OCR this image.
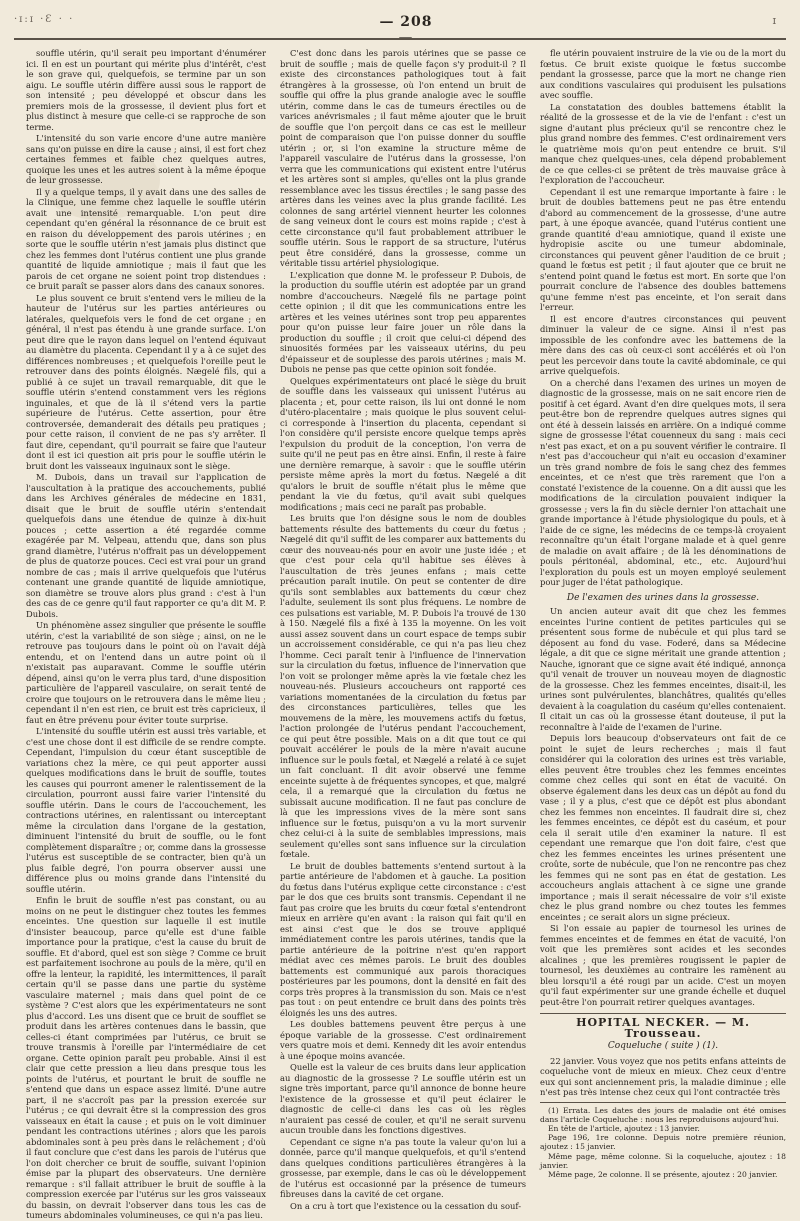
·ɪ:ɪ ·Ɛ · ·	— 208	ɪ

souffle utérin, qu'il serait peu important d'énumérer ici. Il en est un pourtant qui mérite plus d'intérêt, c'est le son grave qui, quelquefois, se termine par un son aigu. Le souffle utérin diffère aussi sous le rapport de son intensité ; peu développé et obscur dans les premiers mois de la grossesse, il devient plus fort et plus distinct à mesure que celle-ci se rapproche de son terme.

L'intensité du son varie encore d'une autre manière sans qu'on puisse en dire la cause ; ainsi, il est fort chez certaines femmes et faible chez quelques autres, quoique les unes et les autres soient à la même époque de leur grossesse.

Il y a quelque temps, il y avait dans une des salles de la Clinique, une femme chez laquelle le souffle utérin avait une intensité remarquable. L'on peut dire cependant qu'en général la résonnance de ce bruit est en raison du développement des parois utérines ; en sorte que le souffle utérin n'est jamais plus distinct que chez les femmes dont l'utérus contient une plus grande quantité de liquide amniotique ; mais il faut que les parois de cet organe ne soient point trop distendues : ce bruit paraît se passer alors dans des canaux sonores.

Le plus souvent ce bruit s'entend vers le milieu de la hauteur de l'utérus sur les parties antérieures ou latérales, quelquefois vers le fond de cet organe ; en général, il n'est pas étendu à une grande surface. L'on peut dire que le rayon dans lequel on l'entend équivaut au diamètre du placenta. Cependant il y a à ce sujet des différences nombreuses ; et quelquefois l'oreille peut le retrouver dans des points éloignés. Nægelé fils, qui a publié à ce sujet un travail remarquable, dit que le souffle utérin s'entend constamment vers les régions inguinales, et que de là il s'étend vers la partie supérieure de l'utérus. Cette assertion, pour être controversée, demanderait des détails peu pratiques ; pour cette raison, il convient de ne pas s'y arrêter. Il faut dire, cependant, qu'il pourrait se faire que l'auteur dont il est ici question ait pris pour le souffle utérin le bruit dont les vaisseaux inguinaux sont le siège.

M. Dubois, dans un travail sur l'application de l'auscultation à la pratique des accouchements, publié dans les Archives générales de médecine en 1831, disait que le bruit de souffle utérin s'entendait quelquefois dans une étendue de quinze à dix-huit pouces ; cette assertion a été regardée comme exagérée par M. Velpeau, attendu que, dans son plus grand diamètre, l'utérus n'offrait pas un développement de plus de quatorze pouces. Ceci est vrai pour un grand nombre de cas ; mais il arrive quelquefois que l'utérus contenant une grande quantité de liquide amniotique, son diamètre se trouve alors plus grand : c'est à l'un des cas de ce genre qu'il faut rapporter ce qu'a dit M. P. Dubois.

Un phénomène assez singulier que présente le souffle utérin, c'est la variabilité de son siège ; ainsi, on ne le retrouve pas toujours dans le point où on l'avait déjà entendu, et on l'entend dans un autre point où il n'existait pas auparavant. Comme le souffle utérin dépend, ainsi qu'on le verra plus tard, d'une disposition particulière de l'appareil vasculaire, on serait tenté de croire que toujours on le retrouvera dans le même lieu ; cependant il n'en est rien, ce bruit est très capricieux, il faut en être prévenu pour éviter toute surprise.

L'intensité du souffle utérin est aussi très variable, et c'est une chose dont il est difficile de se rendre compte. Cependant, l'impulsion du cœur étant susceptible de variations chez la mère, ce qui peut apporter aussi quelques modifications dans le bruit de souffle, toutes les causes qui pourront amener le ralentissement de la circulation, pourront aussi faire varier l'intensité du souffle utérin. Dans le cours de l'accouchement, les contractions utérines, en ralentissant ou interceptant même la circulation dans l'organe de la gestation, diminuent l'intensité du bruit de souffle, ou le font complètement disparaître ; or, comme dans la grossesse l'utérus est susceptible de se contracter, bien qu'à un plus faible degré, l'on pourra observer aussi une différence plus ou moins grande dans l'intensité du souffle utérin.

Enfin le bruit de souffle n'est pas constant, ou au moins on ne peut le distinguer chez toutes les femmes enceintes. Une question sur laquelle il est inutile d'insister beaucoup, parce qu'elle est d'une faible importance pour la pratique, c'est la cause du bruit de souffle. Et d'abord, quel est son siège ? Comme ce bruit est parfaitement isochrone au pouls de la mère, qu'il en offre la lenteur, la rapidité, les intermittences, il paraît certain qu'il se passe dans une partie du système vasculaire maternel ; mais dans quel point de ce système ? C'est alors que les expérimentateurs ne sont plus d'accord. Les uns disent que ce bruit de soufflet se produit dans les artères contenues dans le bassin, que celles-ci étant comprimées par l'utérus, ce bruit se trouve transmis à l'oreille par l'intermédiaire de cet organe. Cette opinion paraît peu probable. Ainsi il est clair que cette pression a lieu dans presque tous les points de l'utérus, et pourtant le bruit de souffle ne s'entend que dans un espace assez limité. D'une autre part, il ne s'accroît pas par la pression exercée sur l'utérus ; ce qui devrait être si la compression des gros vaisseaux en était la cause ; et puis on le voit diminuer pendant les contractions utérines ; alors que les parois abdominales sont à peu près dans le relâchement ; d'où il faut conclure que c'est dans les parois de l'utérus que l'on doit chercher ce bruit de souffle, suivant l'opinion émise par la plupart des observateurs. Une dernière remarque : s'il fallait attribuer le bruit de souffle à la compression exercée par l'utérus sur les gros vaisseaux du bassin, on devrait l'observer dans tous les cas de tumeurs abdominales volumineuses, ce qui n'a pas lieu.

C'est donc dans les parois utérines que se passe ce bruit de souffle ; mais de quelle façon s'y produit-il ? Il existe des circonstances pathologiques tout à fait étrangères à la grossesse, où l'on entend un bruit de souffle qui offre la plus grande analogie avec le souffle utérin, comme dans le cas de tumeurs érectiles ou de varices anévrismales ; il faut même ajouter que le bruit de souffle que l'on perçoit dans ce cas est le meilleur point de comparaison que l'on puisse donner du souffle utérin ; or, si l'on examine la structure même de l'appareil vasculaire de l'utérus dans la grossesse, l'on verra que les communications qui existent entre l'utérus et les artères sont si amples, qu'elles ont la plus grande ressemblance avec les tissus érectiles ; le sang passe des artères dans les veines avec la plus grande facilité. Les colonnes de sang artériel viennent heurter les colonnes de sang veineux dont le cours est moins rapide ; c'est à cette circonstance qu'il faut probablement attribuer le souffle utérin. Sous le rapport de sa structure, l'utérus peut être considéré, dans la grossesse, comme un véritable tissu artériel physiologique.

L'explication que donne M. le professeur P. Dubois, de la production du souffle utérin est adoptée par un grand nombre d'accoucheurs. Nægelé fils ne partage point cette opinion ; il dit que les communications entre les artères et les veines utérines sont trop peu apparentes pour qu'on puisse leur faire jouer un rôle dans la production du souffle ; il croit que celui-ci dépend des sinuosités formées par les vaisseaux utérins, du peu d'épaisseur et de souplesse des parois utérines ; mais M. Dubois ne pense pas que cette opinion soit fondée.

Quelques expérimentateurs ont placé le siège du bruit de souffle dans les vaisseaux qui unissent l'utérus au placenta ; et, pour cette raison, ils lui ont donné le nom d'utéro-placentaire ; mais quoique le plus souvent celui-ci corresponde à l'insertion du placenta, cependant si l'on considère qu'il persiste encore quelque temps après l'expulsion du produit de la conception, l'on verra de suite qu'il ne peut pas en être ainsi. Enfin, il reste à faire une dernière remarque, à savoir : que le souffle utérin persiste même après la mort du fœtus. Nægelé a dit qu'alors le bruit de souffle n'était plus le même que pendant la vie du fœtus, qu'il avait subi quelques modifications ; mais ceci ne paraît pas probable.

Les bruits que l'on désigne sous le nom de doubles battements résulte des battements du cœur du fœtus ; Nægelé dit qu'il suffit de les comparer aux battements du cœur des nouveau-nés pour en avoir une juste idée ; et que c'est pour cela qu'il habitue ses élèves à l'auscultation de très jeunes enfans ; mais cette précaution paraît inutile. On peut se contenter de dire qu'ils sont semblables aux battements du cœur chez l'adulte, seulement ils sont plus fréquens. Le nombre de ces pulsations est variable, M. P. Dubois l'a trouvé de 130 à 150. Nægelé fils a fixé à 135 la moyenne. On les voit aussi assez souvent dans un court espace de temps subir un accroissement considérable, ce qui n'a pas lieu chez l'homme. Ceci paraît tenir à l'influence de l'innervation sur la circulation du fœtus, influence de l'innervation que l'on voit se prolonger même après la vie fœtale chez les nouveau-nés. Plusieurs accoucheurs ont rapporté ces variations momentanées de la circulation du fœtus par des circonstances particulières, telles que les mouvemens de la mère, les mouvemens actifs du fœtus, l'action prolongée de l'utérus pendant l'accouchement, ce qui peut être possible. Mais on a dit que tout ce qui pouvait accélérer le pouls de la mère n'avait aucune influence sur le pouls fœtal, et Nægelé a relaté à ce sujet un fait concluant. Il dit avoir observé une femme enceinte sujette à de fréquentes syncopes, et que, malgré cela, il a remarqué que la circulation du fœtus ne subissait aucune modification. Il ne faut pas conclure de là que les impressions vives de la mère sont sans influence sur le fœtus, puisqu'on a vu la mort survenir chez celui-ci à la suite de semblables impressions, mais seulement qu'elles sont sans influence sur la circulation fœtale.

Le bruit de doubles battements s'entend surtout à la partie antérieure de l'abdomen et à gauche. La position du fœtus dans l'utérus explique cette circonstance : c'est par le dos que ces bruits sont transmis. Cependant il ne faut pas croire que les bruits du cœur fœtal s'entendront mieux en arrière qu'en avant : la raison qui fait qu'il en est ainsi c'est que le dos se trouve appliqué immédiatement contre les parois utérines, tandis que la partie antérieure de la poitrine n'est qu'en rapport médiat avec ces mêmes parois. Le bruit des doubles battements est communiqué aux parois thoraciques postérieures par les poumons, dont la densité en fait des corps très propres à la transmission du son. Mais ce n'est pas tout : on peut entendre ce bruit dans des points très éloignés les uns des autres.

Les doubles battemens peuvent être perçus à une époque variable de la grossesse. C'est ordinairement vers quatre mois et demi. Kennedy dit les avoir entendus à une époque moins avancée.

Quelle est la valeur de ces bruits dans leur application au diagnostic de la grossesse ? Le souffle utérin est un signe très important, parce qu'il annonce de bonne heure l'existence de la grossesse et qu'il peut éclairer le diagnostic de celle-ci dans les cas où les règles n'auraient pas cessé de couler, et qu'il ne serait survenu aucun trouble dans les fonctions digestives.

Cependant ce signe n'a pas toute la valeur qu'on lui a donnée, parce qu'il manque quelquefois, et qu'il s'entend dans quelques conditions particulières étrangères à la grossesse, par exemple, dans le cas où le développement de l'utérus est occasionné par la présence de tumeurs fibreuses dans la cavité de cet organe.

On a cru à tort que l'existence ou la cessation du souf-

fle utérin pouvaient instruire de la vie ou de la mort du fœtus. Ce bruit existe quoique le fœtus succombe pendant la grossesse, parce que la mort ne change rien aux conditions vasculaires qui produisent les pulsations avec souffle.

La constatation des doubles battemens établit la réalité de la grossesse et de la vie de l'enfant : c'est un signe d'autant plus précieux qu'il se rencontre chez le plus grand nombre des femmes. C'est ordinairement vers le quatrième mois qu'on peut entendre ce bruit. S'il manque chez quelques-unes, cela dépend probablement de ce que celles-ci se prêtent de très mauvaise grâce à l'exploration de l'accoucheur.

Cependant il est une remarque importante à faire : le bruit de doubles battemens peut ne pas être entendu d'abord au commencement de la grossesse, d'une autre part, à une époque avancée, quand l'utérus contient une grande quantité d'eau amniotique, quand il existe une hydropisie ascite ou une tumeur abdominale, circonstances qui peuvent gêner l'audition de ce bruit ; quand le fœtus est petit ; il faut ajouter que ce bruit ne s'entend point quand le fœtus est mort. En sorte que l'on pourrait conclure de l'absence des doubles battemens qu'une femme n'est pas enceinte, et l'on serait dans l'erreur.

Il est encore d'autres circonstances qui peuvent diminuer la valeur de ce signe. Ainsi il n'est pas impossible de les confondre avec les battemens de la mère dans des cas où ceux-ci sont accélérés et où l'on peut les percevoir dans toute la cavité abdominale, ce qui arrive quelquefois.

On a cherché dans l'examen des urines un moyen de diagnostic de la grossesse, mais on ne sait encore rien de positif à cet égard. Avant d'en dire quelques mots, il sera peut-être bon de reprendre quelques autres signes qui ont été à dessein laissés en arrière. On a indiqué comme signe de grossesse l'état couenneux du sang : mais ceci n'est pas exact, et on a pu souvent vérifier le contraire. Il n'est pas d'accoucheur qui n'ait eu occasion d'examiner un très grand nombre de fois le sang chez des femmes enceintes, et ce n'est que très rarement que l'on a constaté l'existence de la couenne. On a dit aussi que les modifications de la circulation pouvaient indiquer la grossesse ; vers la fin du siècle dernier l'on attachait une grande importance à l'étude physiologique du pouls, et à l'aide de ce signe, les médecins de ce temps-là croyaient reconnaître qu'un était l'organe malade et à quel genre de maladie on avait affaire ; de là les dénominations de pouls péritonéal, abdominal, etc., etc. Aujourd'hui l'exploration du pouls est un moyen employé seulement pour juger de l'état pathologique.

De l'examen des urines dans la grossesse.

Un ancien auteur avait dit que chez les femmes enceintes l'urine contient de petites particules qui se présentent sous forme de nubécule et qui plus tard se déposent au fond du vase. Foderé, dans sa Médecine légale, a dit que ce signe méritait une grande attention ; Nauche, ignorant que ce signe avait été indiqué, annonça qu'il venait de trouver un nouveau moyen de diagnostic de la grossesse. Chez les femmes enceintes, disait-il, les urines sont pulvérulentes, blanchâtres, qualités qu'elles devaient à la coagulation du caséum qu'elles contenaient. Il citait un cas où la grossesse étant douteuse, il put la reconnaître à l'aide de l'examen de l'urine.

Depuis lors beaucoup d'observateurs ont fait de ce point le sujet de leurs recherches ; mais il faut considérer qui la coloration des urines est très variable, elles peuvent être troubles chez les femmes enceintes comme chez celles qui sont en état de vacuité. On observe également dans les deux cas un dépôt au fond du vase ; il y a plus, c'est que ce dépôt est plus abondant chez les femmes non enceintes. Il faudrait dire si, chez les femmes enceintes, ce dépôt est du caséum, et pour cela il serait utile d'en examiner la nature. Il est cependant une remarque que l'on doit faire, c'est que chez les femmes enceintes les urines présentent une croûte, sorte de nubécule, que l'on ne rencontre pas chez les femmes qui ne sont pas en état de gestation. Les accoucheurs anglais attachent à ce signe une grande importance ; mais il serait nécessaire de voir s'il existe chez le plus grand nombre ou chez toutes les femmes enceintes ; ce serait alors un signe précieux.

Si l'on essaie au papier de tournesol les urines de femmes enceintes et de femmes en état de vacuité, l'on voit que les premières sont acides et les secondes alcalines ; que les premières rougissent le papier de tournesol, les deuxièmes au contraire les ramènent au bleu lorsqu'il a été rougi par un acide. C'est un moyen qu'il faut expérimenter sur une grande échelle et duquel peut-être l'on pourrait retirer quelques avantages.

HOPITAL NECKER. — M. Trousseau.
Coqueluche ( suite ) (1).

22 janvier. Vous voyez que nos petits enfans atteints de coqueluche vont de mieux en mieux. Chez ceux d'entre eux qui sont anciennement pris, la maladie diminue ; elle n'est pas très intense chez ceux qui l'ont contractée très

(1) Errata. Les dates des jours de maladie ont été omises dans l'article Coqueluche : nous les reproduisons aujourd'hui.

En tête de l'article, ajoutez : 13 janvier.

Page 196, 1re colonne. Depuis notre première réunion, ajoutez : 15 janvier.

Même page, même colonne. Si la coqueluche, ajoutez : 18 janvier.

Même page, 2e colonne. Il se présente, ajoutez : 20 janvier.
